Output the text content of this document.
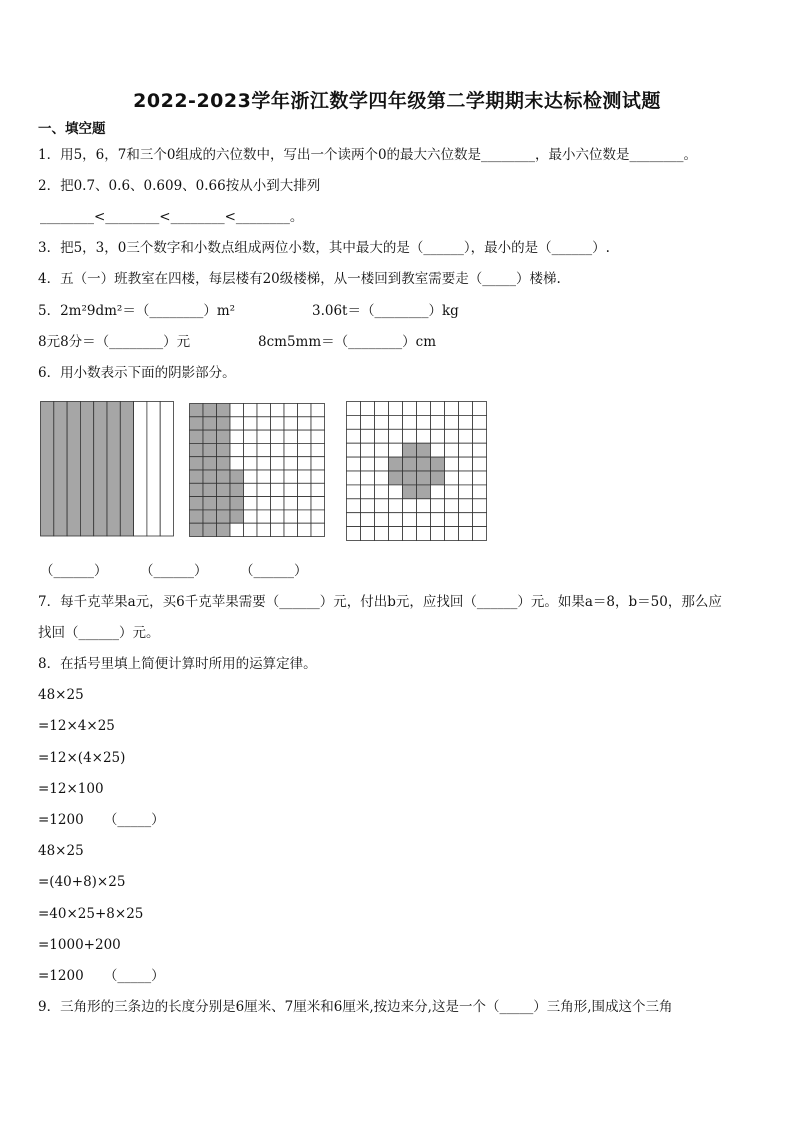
2022-2023学年浙江数学四年级第二学期期末达标检测试题
一、填空题
1．用5，6，7和三个0组成的六位数中，写出一个读两个0的最大六位数是________，最小六位数是________。
2．把0.7、0.6、0.609、0.66按从小到大排列
________<________<________<________。
3．把5，3，0三个数字和小数点组成两位小数，其中最大的是（______），最小的是（______）.
4．五（一）班教室在四楼，每层楼有20级楼梯，从一楼回到教室需要走（_____）楼梯.
5．2m²9dm²＝（________）m²	3.06t＝（________）kg
8元8分＝（________）元	8cm5mm＝（________）cm
6．用小数表示下面的阴影部分。
（______） （______） （______）
7．每千克苹果a元，买6千克苹果需要（______）元，付出b元，应找回（______）元。如果a＝8，b＝50，那么应
找回（______）元。
8．在括号里填上简便计算时所用的运算定律。
48×25
=12×4×25
=12×(4×25)
=12×100
=1200　　（_____）
48×25
=(40+8)×25
=40×25+8×25
=1000+200
=1200　　（_____）
9．三角形的三条边的长度分别是6厘米、7厘米和6厘米,按边来分,这是一个（_____）三角形,围成这个三角
